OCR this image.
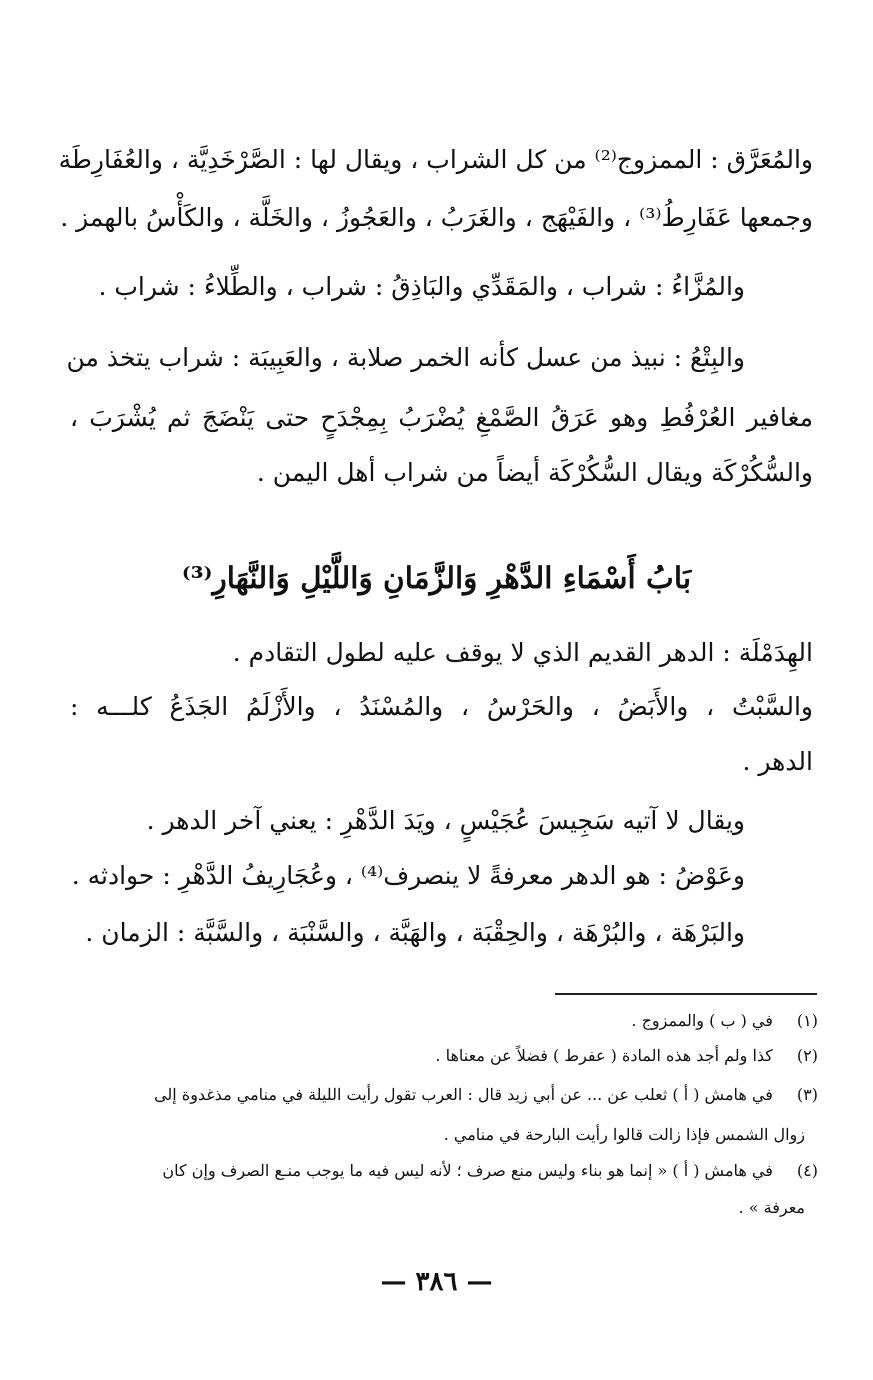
والمُعَرَّق : الممزوج⁽²⁾ من كل الشراب ، ويقال لها : الصَّرْخَدِيَّة ، والعُفَارِطَة
وجمعها عَفَارِطُ⁽³⁾ ، والفَيْهَج ، والغَرَبُ ، والعَجُوزُ ، والخَلَّة ، والكَأْسُ بالهمز .
والمُزَّاءُ : شراب ، والمَقَدِّي والبَاذِقُ : شراب ، والطِّلاءُ : شراب .
والبِتْعُ : نبيذ من عسل كأنه الخمر صلابة ، والعَبِيبَة : شراب يتخذ من
مغافير العُرْفُطِ وهو عَرَقُ الصَّمْغِ يُضْرَبُ بِمِجْدَحٍ حتى يَنْضَجَ ثم يُشْرَبَ ،
والسُّكُرْكَة ويقال السُّكُرْكَة أيضاً من شراب أهل اليمن .
بَابُ أَسْمَاءِ الدَّهْرِ وَالزَّمَانِ وَاللَّيْلِ وَالنَّهَارِ⁽³⁾
الهِدَمْلَة : الدهر القديم الذي لا يوقف عليه لطول التقادم .
والسَّبْتُ ، والأَبَضُ ، والحَرْسُ ، والمُسْنَدُ ، والأَزْلَمُ الجَذَعُ كلـــه :
الدهر .
ويقال لا آتيه سَجِيسَ عُجَيْسٍ ، ويَدَ الدَّهْرِ : يعني آخر الدهر .
وعَوْضُ : هو الدهر معرفةً لا ينصرف⁽⁴⁾ ، وعُجَارِيفُ الدَّهْرِ : حوادثه .
والبَرْهَة ، والبُرْهَة ، والحِقْبَة ، والهَبَّة ، والسَّنْبَة ، والسَّبَّة : الزمان .
(١) في ( ب ) والممزوج .
(٢) كذا ولم أجد هذه المادة ( عفرط ) فضلاً عن معناها .
(٣) في هامش ( أ ) ثعلب عن ... عن أبي زيد قال : العرب تقول رأيت الليلة في منامي مذغدوة إلى
زوال الشمس فإذا زالت قالوا رأيت البارحة في منامي .
(٤) في هامش ( أ ) « إنما هو بناء وليس منع صرف ؛ لأنه ليس فيه ما يوجب منـع الصرف وإن كان
معرفة » .
— ٣٨٦ —
